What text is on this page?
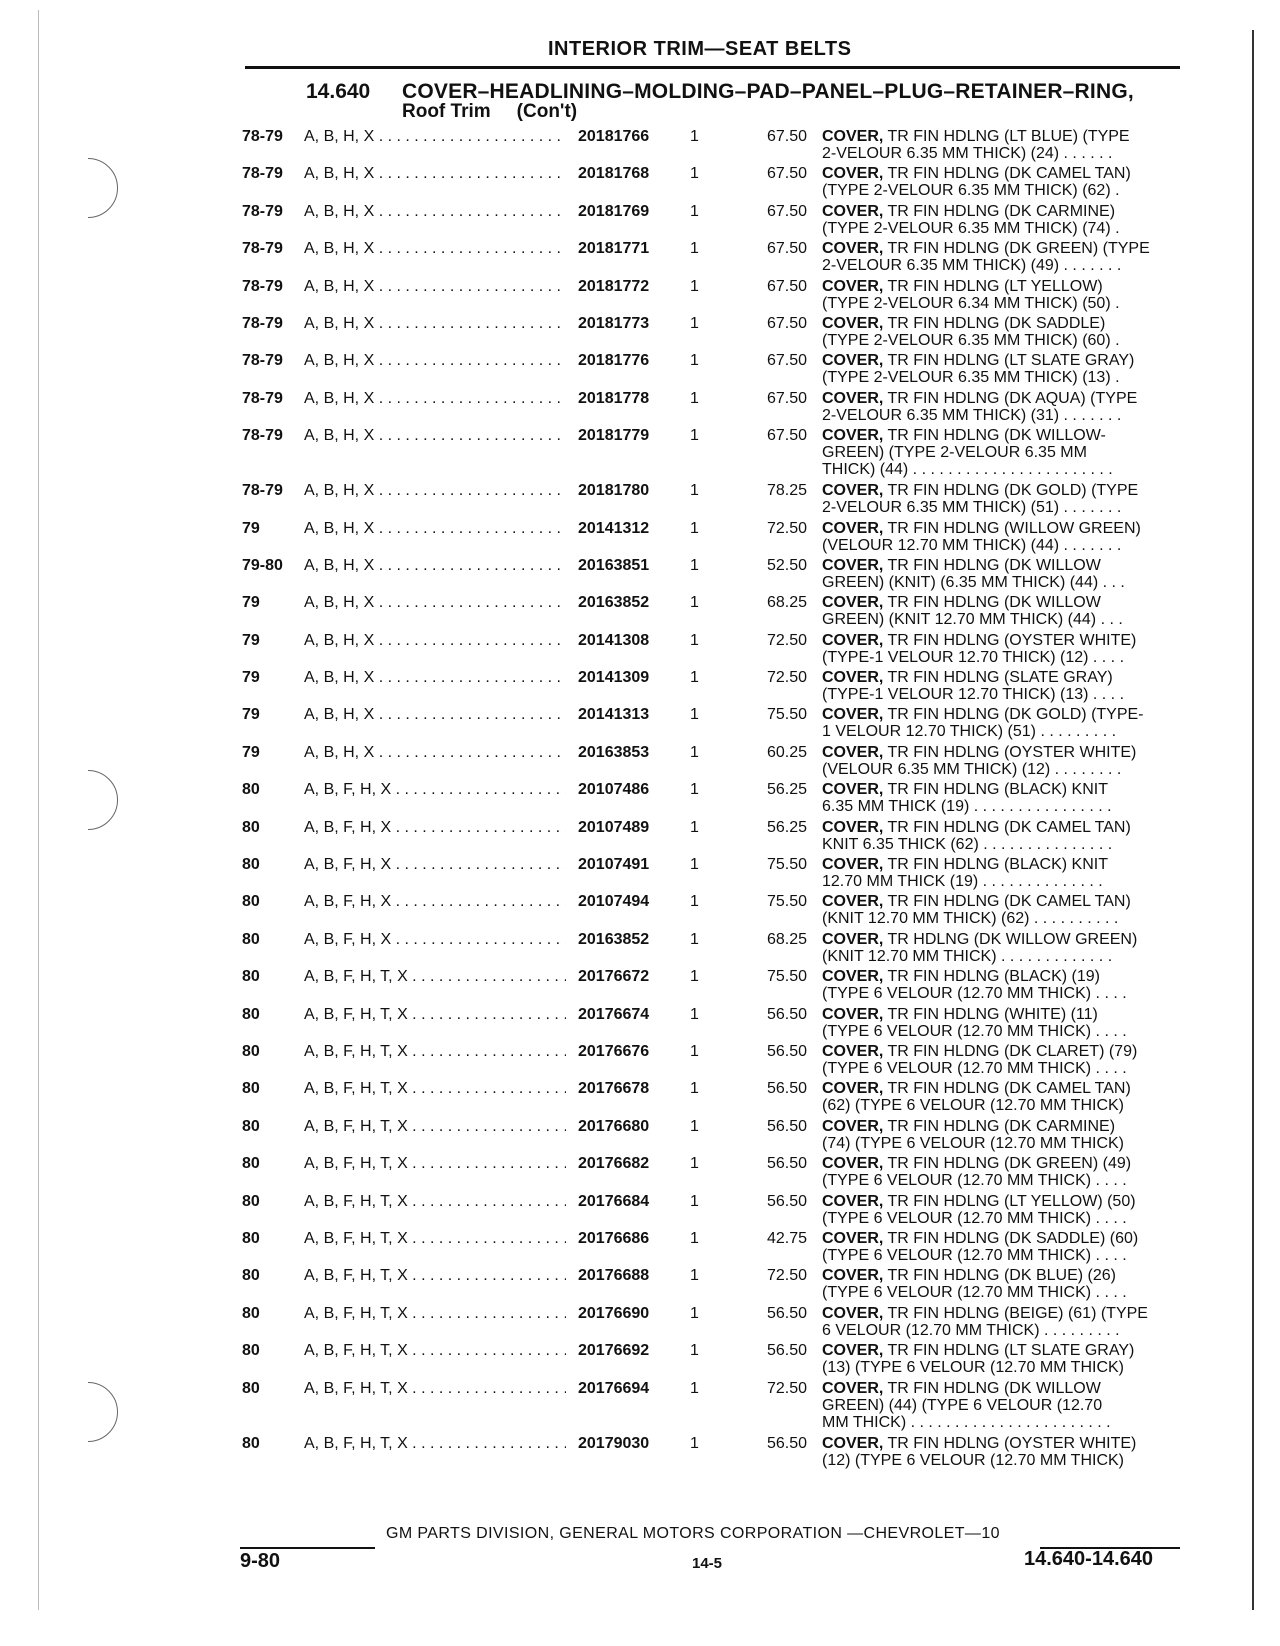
INTERIOR TRIM—SEAT BELTS
14.640 COVER–HEADLINING–MOLDING–PAD–PANEL–PLUG–RETAINER–RING,
Roof Trim (Con't)
78-79	A, B, H, X . . .	20181766	1	67.50 COVER, TR FIN HDLNG (LT BLUE) (TYPE
2-VELOUR 6.35 MM THICK) (24) . . . . . .
78-79	A, B, H, X . . .	20181768	1	67.50 COVER, TR FIN HDLNG (DK CAMEL TAN)
(TYPE 2-VELOUR 6.35 MM THICK) (62) .
78-79	A, B, H, X . . .	20181769	1	67.50 COVER, TR FIN HDLNG (DK CARMINE)
(TYPE 2-VELOUR 6.35 MM THICK) (74) .
78-79	A, B, H, X . . .	20181771	1	67.50 COVER, TR FIN HDLNG (DK GREEN) (TYPE
2-VELOUR 6.35 MM THICK) (49) . . . . . . .
78-79	A, B, H, X . . .	20181772	1	67.50 COVER, TR FIN HDLNG (LT YELLOW)
(TYPE 2-VELOUR 6.34 MM THICK) (50) .
78-79	A, B, H, X . . .	20181773	1	67.50 COVER, TR FIN HDLNG (DK SADDLE)
(TYPE 2-VELOUR 6.35 MM THICK) (60) .
78-79	A, B, H, X . . .	20181776	1	67.50 COVER, TR FIN HDLNG (LT SLATE GRAY)
(TYPE 2-VELOUR 6.35 MM THICK) (13) .
78-79	A, B, H, X . . .	20181778	1	67.50 COVER, TR FIN HDLNG (DK AQUA) (TYPE
2-VELOUR 6.35 MM THICK) (31) . . . . . . .
78-79	A, B, H, X . . .	20181779	1	67.50 COVER, TR FIN HDLNG (DK WILLOW-
GREEN) (TYPE 2-VELOUR 6.35 MM
THICK) (44) . . . . . . . . . . . . . . . . . . . . . . .
78-79	A, B, H, X . . .	20181780	1	78.25 COVER, TR FIN HDLNG (DK GOLD) (TYPE
2-VELOUR 6.35 MM THICK) (51) . . . . . . .
79	A, B, H, X . . .	20141312	1	72.50 COVER, TR FIN HDLNG (WILLOW GREEN)
(VELOUR 12.70 MM THICK) (44) . . . . . . .
79-80	A, B, H, X . . .	20163851	1	52.50 COVER, TR FIN HDLNG (DK WILLOW
GREEN) (KNIT) (6.35 MM THICK) (44) . . .
79	A, B, H, X . . .	20163852	1	68.25 COVER, TR FIN HDLNG (DK WILLOW
GREEN) (KNIT 12.70 MM THICK) (44) . . .
79	A, B, H, X . . .	20141308	1	72.50 COVER, TR FIN HDLNG (OYSTER WHITE)
(TYPE-1 VELOUR 12.70 THICK) (12) . . . .
79	A, B, H, X . . .	20141309	1	72.50 COVER, TR FIN HDLNG (SLATE GRAY)
(TYPE-1 VELOUR 12.70 THICK) (13) . . . .
79	A, B, H, X . . .	20141313	1	75.50 COVER, TR FIN HDLNG (DK GOLD) (TYPE-
1 VELOUR 12.70 THICK) (51) . . . . . . . . .
79	A, B, H, X . . .	20163853	1	60.25 COVER, TR FIN HDLNG (OYSTER WHITE)
(VELOUR 6.35 MM THICK) (12) . . . . . . . .
80	A, B, F, H, X . . .	20107486	1	56.25 COVER, TR FIN HDLNG (BLACK) KNIT
6.35 MM THICK (19) . . . . . . . . . . . . . . . .
80	A, B, F, H, X . . .	20107489	1	56.25 COVER, TR FIN HDLNG (DK CAMEL TAN)
KNIT 6.35 THICK (62) . . . . . . . . . . . . . . .
80	A, B, F, H, X . . .	20107491	1	75.50 COVER, TR FIN HDLNG (BLACK) KNIT
12.70 MM THICK (19) . . . . . . . . . . . . . .
80	A, B, F, H, X . . .	20107494	1	75.50 COVER, TR FIN HDLNG (DK CAMEL TAN)
(KNIT 12.70 MM THICK) (62) . . . . . . . . . .
80	A, B, F, H, X . . .	20163852	1	68.25 COVER, TR HDLNG (DK WILLOW GREEN)
(KNIT 12.70 MM THICK) . . . . . . . . . . . . .
80	A, B, F, H, T, X . . .	20176672	1	75.50 COVER, TR FIN HDLNG (BLACK) (19)
(TYPE 6 VELOUR (12.70 MM THICK) . . . .
80	A, B, F, H, T, X . . .	20176674	1	56.50 COVER, TR FIN HDLNG (WHITE) (11)
(TYPE 6 VELOUR (12.70 MM THICK) . . . .
80	A, B, F, H, T, X . . .	20176676	1	56.50 COVER, TR FIN HLDNG (DK CLARET) (79)
(TYPE 6 VELOUR (12.70 MM THICK) . . . .
80	A, B, F, H, T, X . . .	20176678	1	56.50 COVER, TR FIN HDLNG (DK CAMEL TAN)
(62) (TYPE 6 VELOUR (12.70 MM THICK)
80	A, B, F, H, T, X . . .	20176680	1	56.50 COVER, TR FIN HDLNG (DK CARMINE)
(74) (TYPE 6 VELOUR (12.70 MM THICK)
80	A, B, F, H, T, X . . .	20176682	1	56.50 COVER, TR FIN HDLNG (DK GREEN) (49)
(TYPE 6 VELOUR (12.70 MM THICK) . . . .
80	A, B, F, H, T, X . . .	20176684	1	56.50 COVER, TR FIN HDLNG (LT YELLOW) (50)
(TYPE 6 VELOUR (12.70 MM THICK) . . . .
80	A, B, F, H, T, X . . .	20176686	1	42.75 COVER, TR FIN HDLNG (DK SADDLE) (60)
(TYPE 6 VELOUR (12.70 MM THICK) . . . .
80	A, B, F, H, T, X . . .	20176688	1	72.50 COVER, TR FIN HDLNG (DK BLUE) (26)
(TYPE 6 VELOUR (12.70 MM THICK) . . . .
80	A, B, F, H, T, X . . .	20176690	1	56.50 COVER, TR FIN HDLNG (BEIGE) (61) (TYPE
6 VELOUR (12.70 MM THICK) . . . . . . . . .
80	A, B, F, H, T, X . . .	20176692	1	56.50 COVER, TR FIN HDLNG (LT SLATE GRAY)
(13) (TYPE 6 VELOUR (12.70 MM THICK)
80	A, B, F, H, T, X . . .	20176694	1	72.50 COVER, TR FIN HDLNG (DK WILLOW
GREEN) (44) (TYPE 6 VELOUR (12.70
MM THICK) . . . . . . . . . . . . . . . . . . . . . . .
80	A, B, F, H, T, X . . .	20179030	1	56.50 COVER, TR FIN HDLNG (OYSTER WHITE)
(12) (TYPE 6 VELOUR (12.70 MM THICK)
GM PARTS DIVISION, GENERAL MOTORS CORPORATION —CHEVROLET—10
9-80	14-5	14.640-14.640
